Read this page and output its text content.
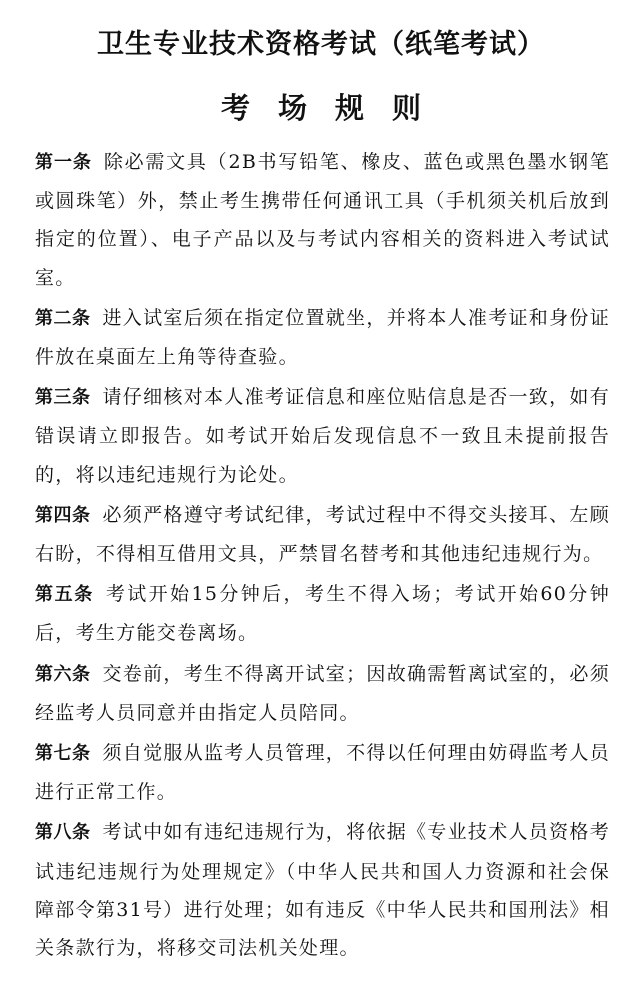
卫生专业技术资格考试（纸笔考试）
考场规则

第一条 除必需文具（2B书写铅笔、橡皮、蓝色或黑色墨水钢笔或圆珠笔）外，禁止考生携带任何通讯工具（手机须关机后放到指定的位置）、电子产品以及与考试内容相关的资料进入考试试室。

第二条 进入试室后须在指定位置就坐，并将本人准考证和身份证件放在桌面左上角等待查验。

第三条 请仔细核对本人准考证信息和座位贴信息是否一致，如有错误请立即报告。如考试开始后发现信息不一致且未提前报告的，将以违纪违规行为论处。

第四条 必须严格遵守考试纪律，考试过程中不得交头接耳、左顾右盼，不得相互借用文具，严禁冒名替考和其他违纪违规行为。

第五条 考试开始15分钟后，考生不得入场；考试开始60分钟后，考生方能交卷离场。

第六条 交卷前，考生不得离开试室；因故确需暂离试室的，必须经监考人员同意并由指定人员陪同。

第七条 须自觉服从监考人员管理，不得以任何理由妨碍监考人员进行正常工作。

第八条 考试中如有违纪违规行为，将依据《专业技术人员资格考试违纪违规行为处理规定》（中华人民共和国人力资源和社会保障部令第31号）进行处理；如有违反《中华人民共和国刑法》相关条款行为，将移交司法机关处理。
